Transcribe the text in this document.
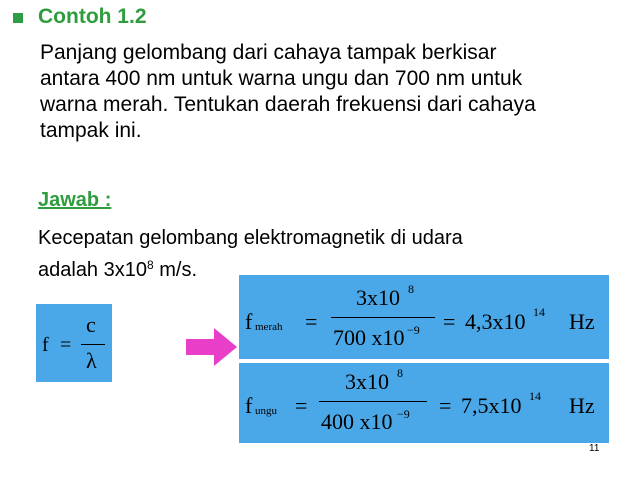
Contoh 1.2
Panjang gelombang dari cahaya tampak berkisar
antara 400 nm untuk warna ungu dan 700 nm untuk
warna merah. Tentukan daerah frekuensi dari cahaya
tampak ini.
Jawab :
Kecepatan gelombang elektromagnetik di udara
adalah $3x10^8$ m/s.
f =
c
λ
f merah =
3x10 8
700 x10 −9 = 4,3x10 14 Hz
f ungu =
3x10 8
400 x10 −9 = 7,5x10 14 Hz
11
